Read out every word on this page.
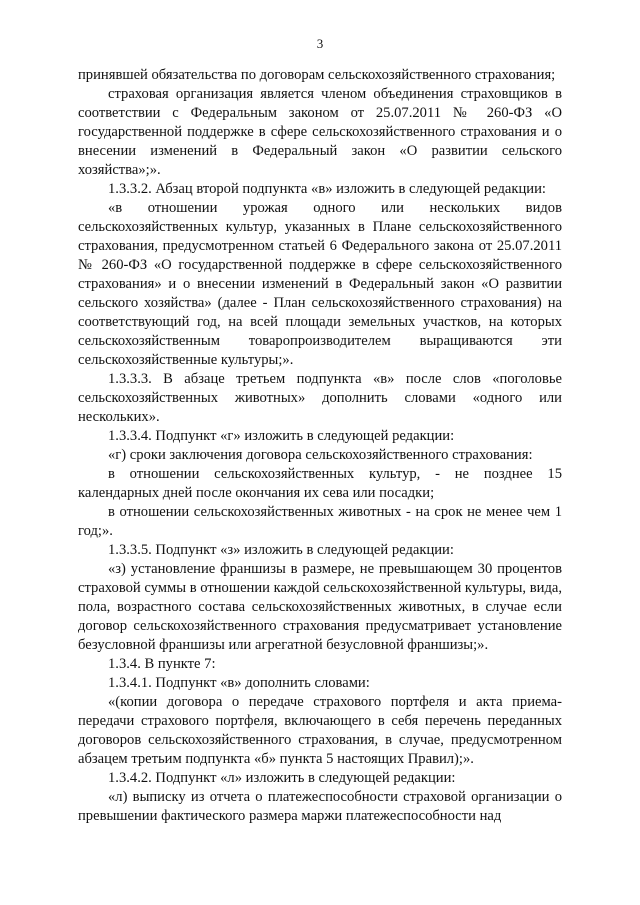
3

принявшей обязательства по договорам сельскохозяйственного страхования;

страховая организация является членом объединения страховщиков в соответствии с Федеральным законом от 25.07.2011 № 260-ФЗ «О государственной поддержке в сфере сельскохозяйственного страхования и о внесении изменений в Федеральный закон «О развитии сельского хозяйства»;».

1.3.3.2. Абзац второй подпункта «в» изложить в следующей редакции:

«в отношении урожая одного или нескольких видов сельскохозяйственных культур, указанных в Плане сельскохозяйственного страхования, предусмотренном статьей 6 Федерального закона от 25.07.2011 № 260-ФЗ «О государственной поддержке в сфере сельскохозяйственного страхования» и о внесении изменений в Федеральный закон «О развитии сельского хозяйства» (далее - План сельскохозяйственного страхования) на соответствующий год, на всей площади земельных участков, на которых сельскохозяйственным товаропроизводителем выращиваются эти сельскохозяйственные культуры;».

1.3.3.3. В абзаце третьем подпункта «в» после слов «поголовье сельскохозяйственных животных» дополнить словами «одного или нескольких».

1.3.3.4. Подпункт «г» изложить в следующей редакции:

«г) сроки заключения договора сельскохозяйственного страхования:

в отношении сельскохозяйственных культур, - не позднее 15 календарных дней после окончания их сева или посадки;

в отношении сельскохозяйственных животных - на срок не менее чем 1 год;».

1.3.3.5. Подпункт «з» изложить в следующей редакции:

«з) установление франшизы в размере, не превышающем 30 процентов страховой суммы в отношении каждой сельскохозяйственной культуры, вида, пола, возрастного состава сельскохозяйственных животных, в случае если договор сельскохозяйственного страхования предусматривает установление безусловной франшизы или агрегатной безусловной франшизы;».

1.3.4. В пункте 7:

1.3.4.1. Подпункт «в» дополнить словами:

«(копии договора о передаче страхового портфеля и акта приема-передачи страхового портфеля, включающего в себя перечень переданных договоров сельскохозяйственного страхования, в случае, предусмотренном абзацем третьим подпункта «б» пункта 5 настоящих Правил);».

1.3.4.2. Подпункт «л» изложить в следующей редакции:

«л) выписку из отчета о платежеспособности страховой организации о превышении фактического размера маржи платежеспособности над
